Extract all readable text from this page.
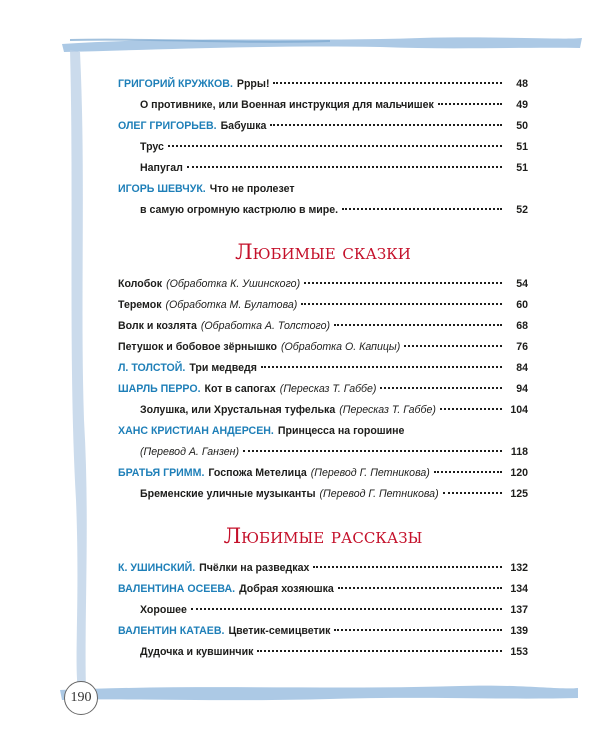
ГРИГОРИЙ КРУЖКОВ. Ррры!	48
О противнике, или Военная инструкция для мальчишек	49
ОЛЕГ ГРИГОРЬЕВ. Бабушка	50
Трус	51
Напугал	51
ИГОРЬ ШЕВЧУК. Что не пролезет
в самую огромную кастрюлю в мире.	52
Любимые сказки
Колобок (Обработка К. Ушинского)	54
Теремок (Обработка М. Булатова)	60
Волк и козлята (Обработка А. Толстого)	68
Петушок и бобовое зёрнышко (Обработка О. Капицы)	76
Л. ТОЛСТОЙ. Три медведя	84
ШАРЛЬ ПЕРРО. Кот в сапогах (Пересказ Т. Габбе)	94
Золушка, или Хрустальная туфелька (Пересказ Т. Габбе)	104
ХАНС КРИСТИАН АНДЕРСЕН. Принцесса на горошине
(Перевод А. Ганзен)	118
БРАТЬЯ ГРИММ. Госпожа Метелица (Перевод Г. Петникова)	120
Бременские уличные музыканты (Перевод Г. Петникова)	125
Любимые рассказы
К. УШИНСКИЙ. Пчёлки на разведках	132
ВАЛЕНТИНА ОСЕЕВА. Добрая хозяюшка	134
Хорошее	137
ВАЛЕНТИН КАТАЕВ. Цветик-семицветик	139
Дудочка и кувшинчик	153
190
